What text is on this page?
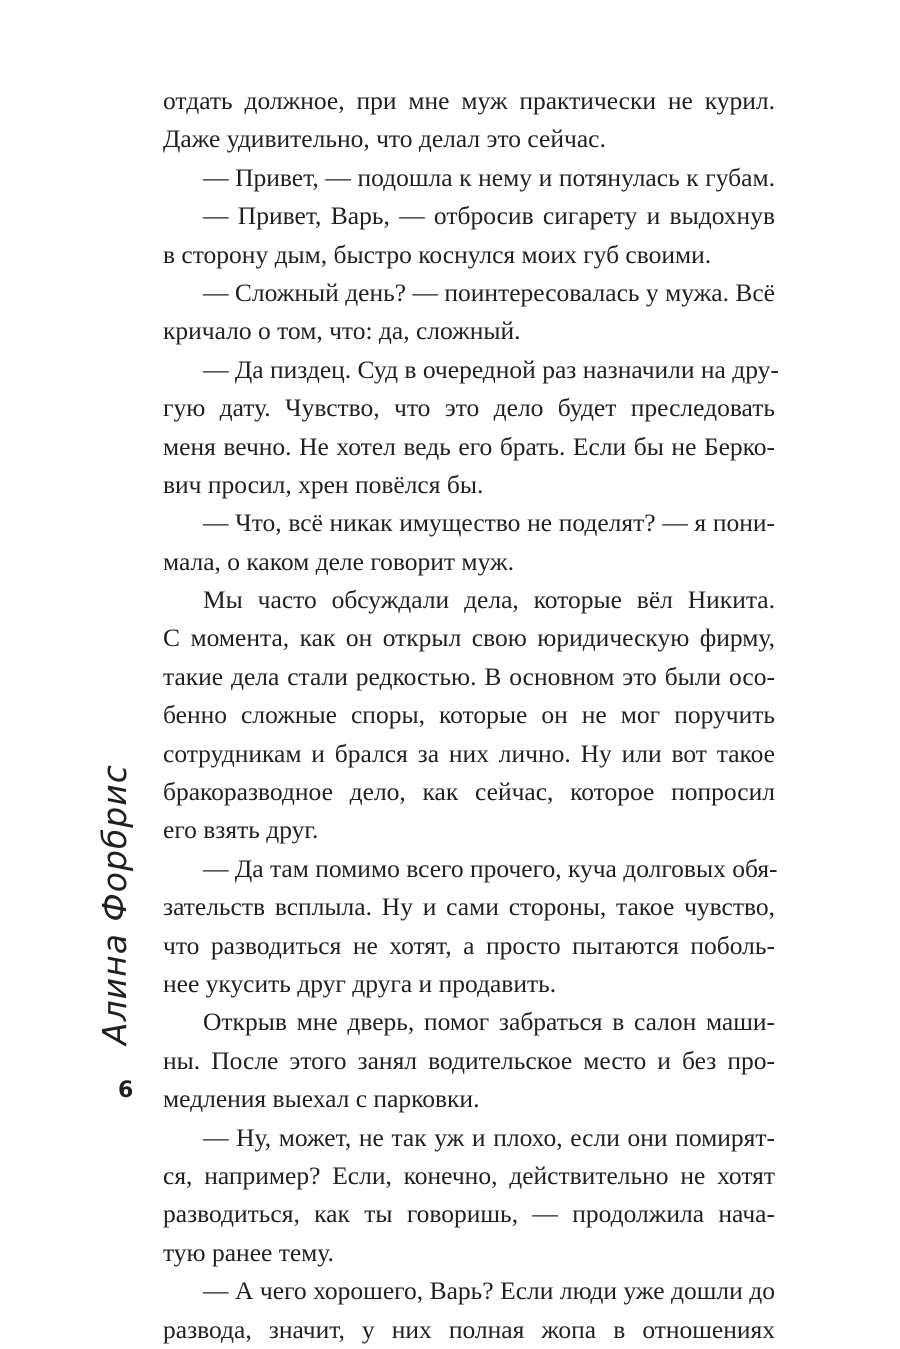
отдать должное, при мне муж практически не курил.
Даже удивительно, что делал это сейчас.
— Привет, — подошла к нему и потянулась к губам.
— Привет, Варь, — отбросив сигарету и выдохнув
в сторону дым, быстро коснулся моих губ своими.
— Сложный день? — поинтересовалась у мужа. Всё
кричало о том, что: да, сложный.
— Да пиздец. Суд в очередной раз назначили на дру-
гую дату. Чувство, что это дело будет преследовать
меня вечно. Не хотел ведь его брать. Если бы не Берко-
вич просил, хрен повёлся бы.
— Что, всё никак имущество не поделят? — я пони-
мала, о каком деле говорит муж.
Мы часто обсуждали дела, которые вёл Никита.
С момента, как он открыл свою юридическую фирму,
такие дела стали редкостью. В основном это были осо-
бенно сложные споры, которые он не мог поручить
сотрудникам и брался за них лично. Ну или вот такое
бракоразводное дело, как сейчас, которое попросил
его взять друг.
— Да там помимо всего прочего, куча долговых обя-
зательств всплыла. Ну и сами стороны, такое чувство,
что разводиться не хотят, а просто пытаются поболь-
нее укусить друг друга и продавить.
Открыв мне дверь, помог забраться в салон маши-
ны. После этого занял водительское место и без про-
медления выехал с парковки.
— Ну, может, не так уж и плохо, если они помирят-
ся, например? Если, конечно, действительно не хотят
разводиться, как ты говоришь, — продолжила нача-
тую ранее тему.
— А чего хорошего, Варь? Если люди уже дошли до
развода, значит, у них полная жопа в отношениях
Алина Форбрис
6
